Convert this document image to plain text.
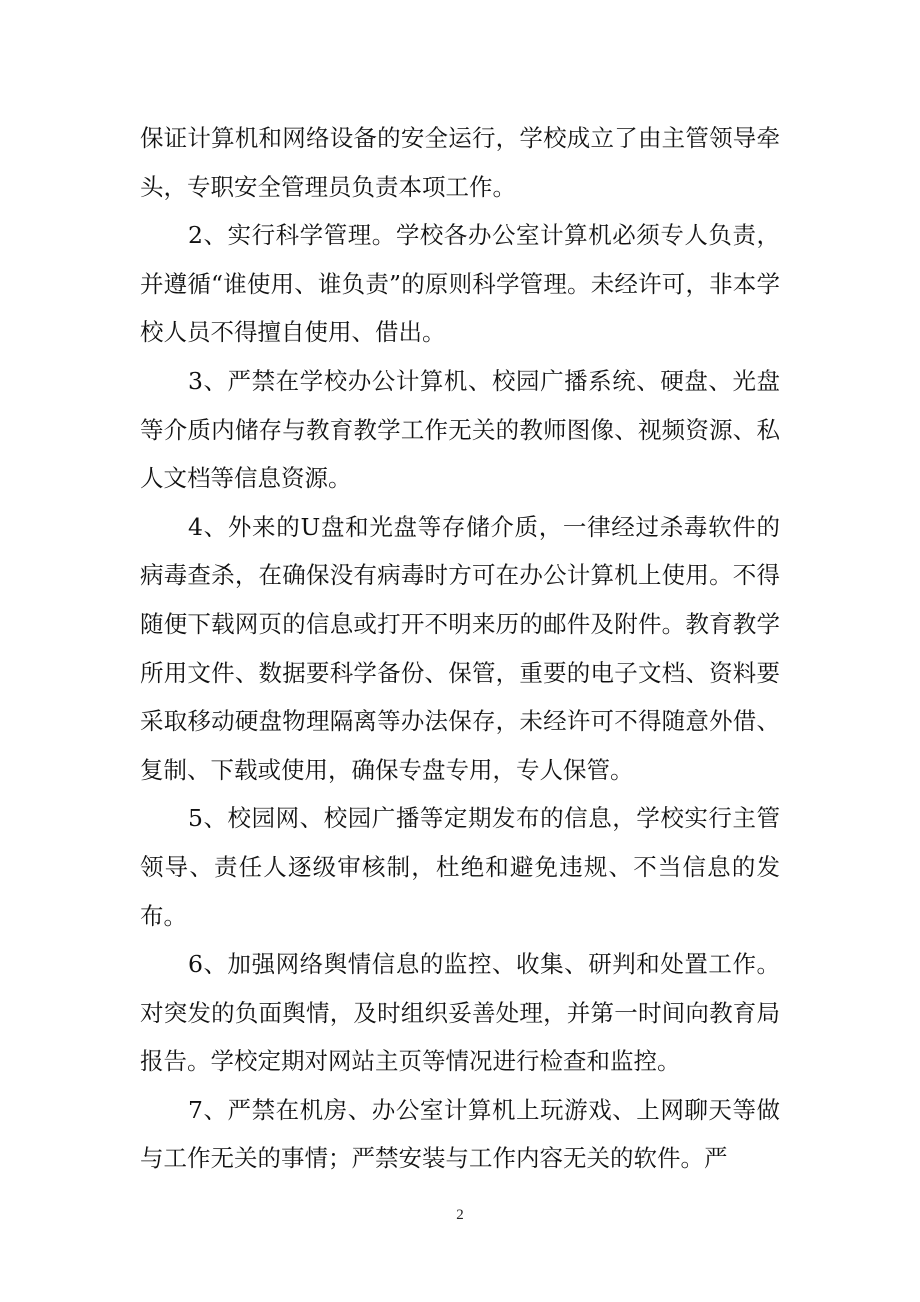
保证计算机和网络设备的安全运行，学校成立了由主管领导牵头，专职安全管理员负责本项工作。

2、实行科学管理。学校各办公室计算机必须专人负责，并遵循“谁使用、谁负责”的原则科学管理。未经许可，非本学校人员不得擅自使用、借出。

3、严禁在学校办公计算机、校园广播系统、硬盘、光盘等介质内储存与教育教学工作无关的教师图像、视频资源、私人文档等信息资源。

4、外来的U盘和光盘等存储介质，一律经过杀毒软件的病毒查杀，在确保没有病毒时方可在办公计算机上使用。不得随便下载网页的信息或打开不明来历的邮件及附件。教育教学所用文件、数据要科学备份、保管，重要的电子文档、资料要采取移动硬盘物理隔离等办法保存，未经许可不得随意外借、复制、下载或使用，确保专盘专用，专人保管。

5、校园网、校园广播等定期发布的信息，学校实行主管领导、责任人逐级审核制，杜绝和避免违规、不当信息的发布。

6、加强网络舆情信息的监控、收集、研判和处置工作。对突发的负面舆情，及时组织妥善处理，并第一时间向教育局报告。学校定期对网站主页等情况进行检查和监控。

7、严禁在机房、办公室计算机上玩游戏、上网聊天等做与工作无关的事情；严禁安装与工作内容无关的软件。严

2
